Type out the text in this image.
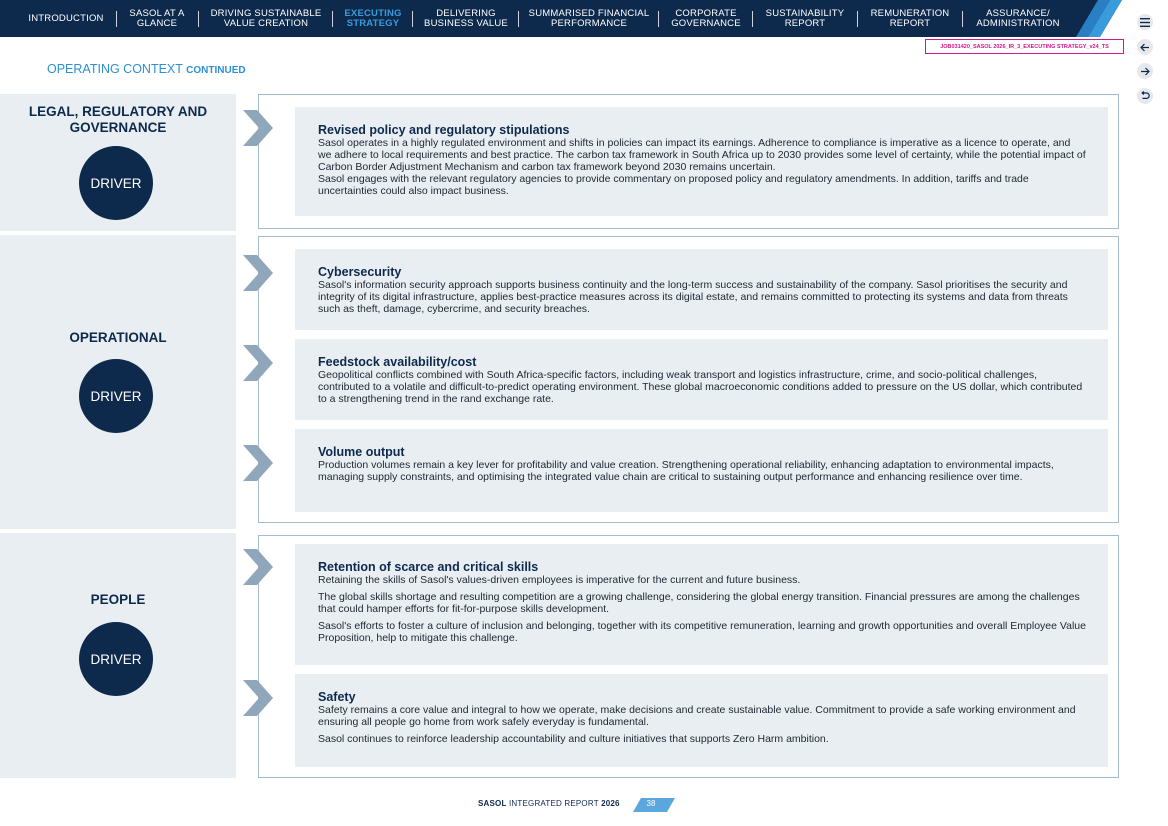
INTRODUCTION	SASOL AT A GLANCE
DRIVING SUSTAINABLE VALUE CREATION
EXECUTING STRATEGY
DELIVERING BUSINESS VALUE
SUMMARISED FINANCIAL PERFORMANCE
CORPORATE GOVERNANCE
SUSTAINABILITY REPORT
REMUNERATION REPORT
ASSURANCE/ ADMINISTRATION
JOB031420_SASOL 2026_IR_3_EXECUTING STRATEGY_v24_TS
OPERATING CONTEXT CONTINUED
LEGAL, REGULATORY AND GOVERNANCE
DRIVER
Revised policy and regulatory stipulations

Sasol operates in a highly regulated environment and shifts in policies can impact its earnings. Adherence to compliance is imperative as a licence to operate, and we adhere to local requirements and best practice. The carbon tax framework in South Africa up to 2030 provides some level of certainty, while the potential impact of Carbon Border Adjustment Mechanism and carbon tax framework beyond 2030 remains uncertain.

Sasol engages with the relevant regulatory agencies to provide commentary on proposed policy and regulatory amendments. In addition, tariffs and trade uncertainties could also impact business.

OPERATIONAL
DRIVER
Cybersecurity

Sasol's information security approach supports business continuity and the long-term success and sustainability of the company. Sasol prioritises the security and integrity of its digital infrastructure, applies best-practice measures across its digital estate, and remains committed to protecting its systems and data from threats such as theft, damage, cybercrime, and security breaches.

Feedstock availability/cost

Geopolitical conflicts combined with South Africa-specific factors, including weak transport and logistics infrastructure, crime, and socio-political challenges, contributed to a volatile and difficult-to-predict operating environment. These global macroeconomic conditions added to pressure on the US dollar, which contributed to a strengthening trend in the rand exchange rate.

Volume output

Production volumes remain a key lever for profitability and value creation. Strengthening operational reliability, enhancing adaptation to environmental impacts, managing supply constraints, and optimising the integrated value chain are critical to sustaining output performance and enhancing resilience over time.

PEOPLE
DRIVER
Retention of scarce and critical skills

Retaining the skills of Sasol's values-driven employees is imperative for the current and future business.

The global skills shortage and resulting competition are a growing challenge, considering the global energy transition. Financial pressures are among the challenges that could hamper efforts for fit-for-purpose skills development.

Sasol's efforts to foster a culture of inclusion and belonging, together with its competitive remuneration, learning and growth opportunities and overall Employee Value Proposition, help to mitigate this challenge.

Safety

Safety remains a core value and integral to how we operate, make decisions and create sustainable value. Commitment to provide a safe working environment and ensuring all people go home from work safely everyday is fundamental.

Sasol continues to reinforce leadership accountability and culture initiatives that supports Zero Harm ambition.

SASOL INTEGRATED REPORT 2026	38
